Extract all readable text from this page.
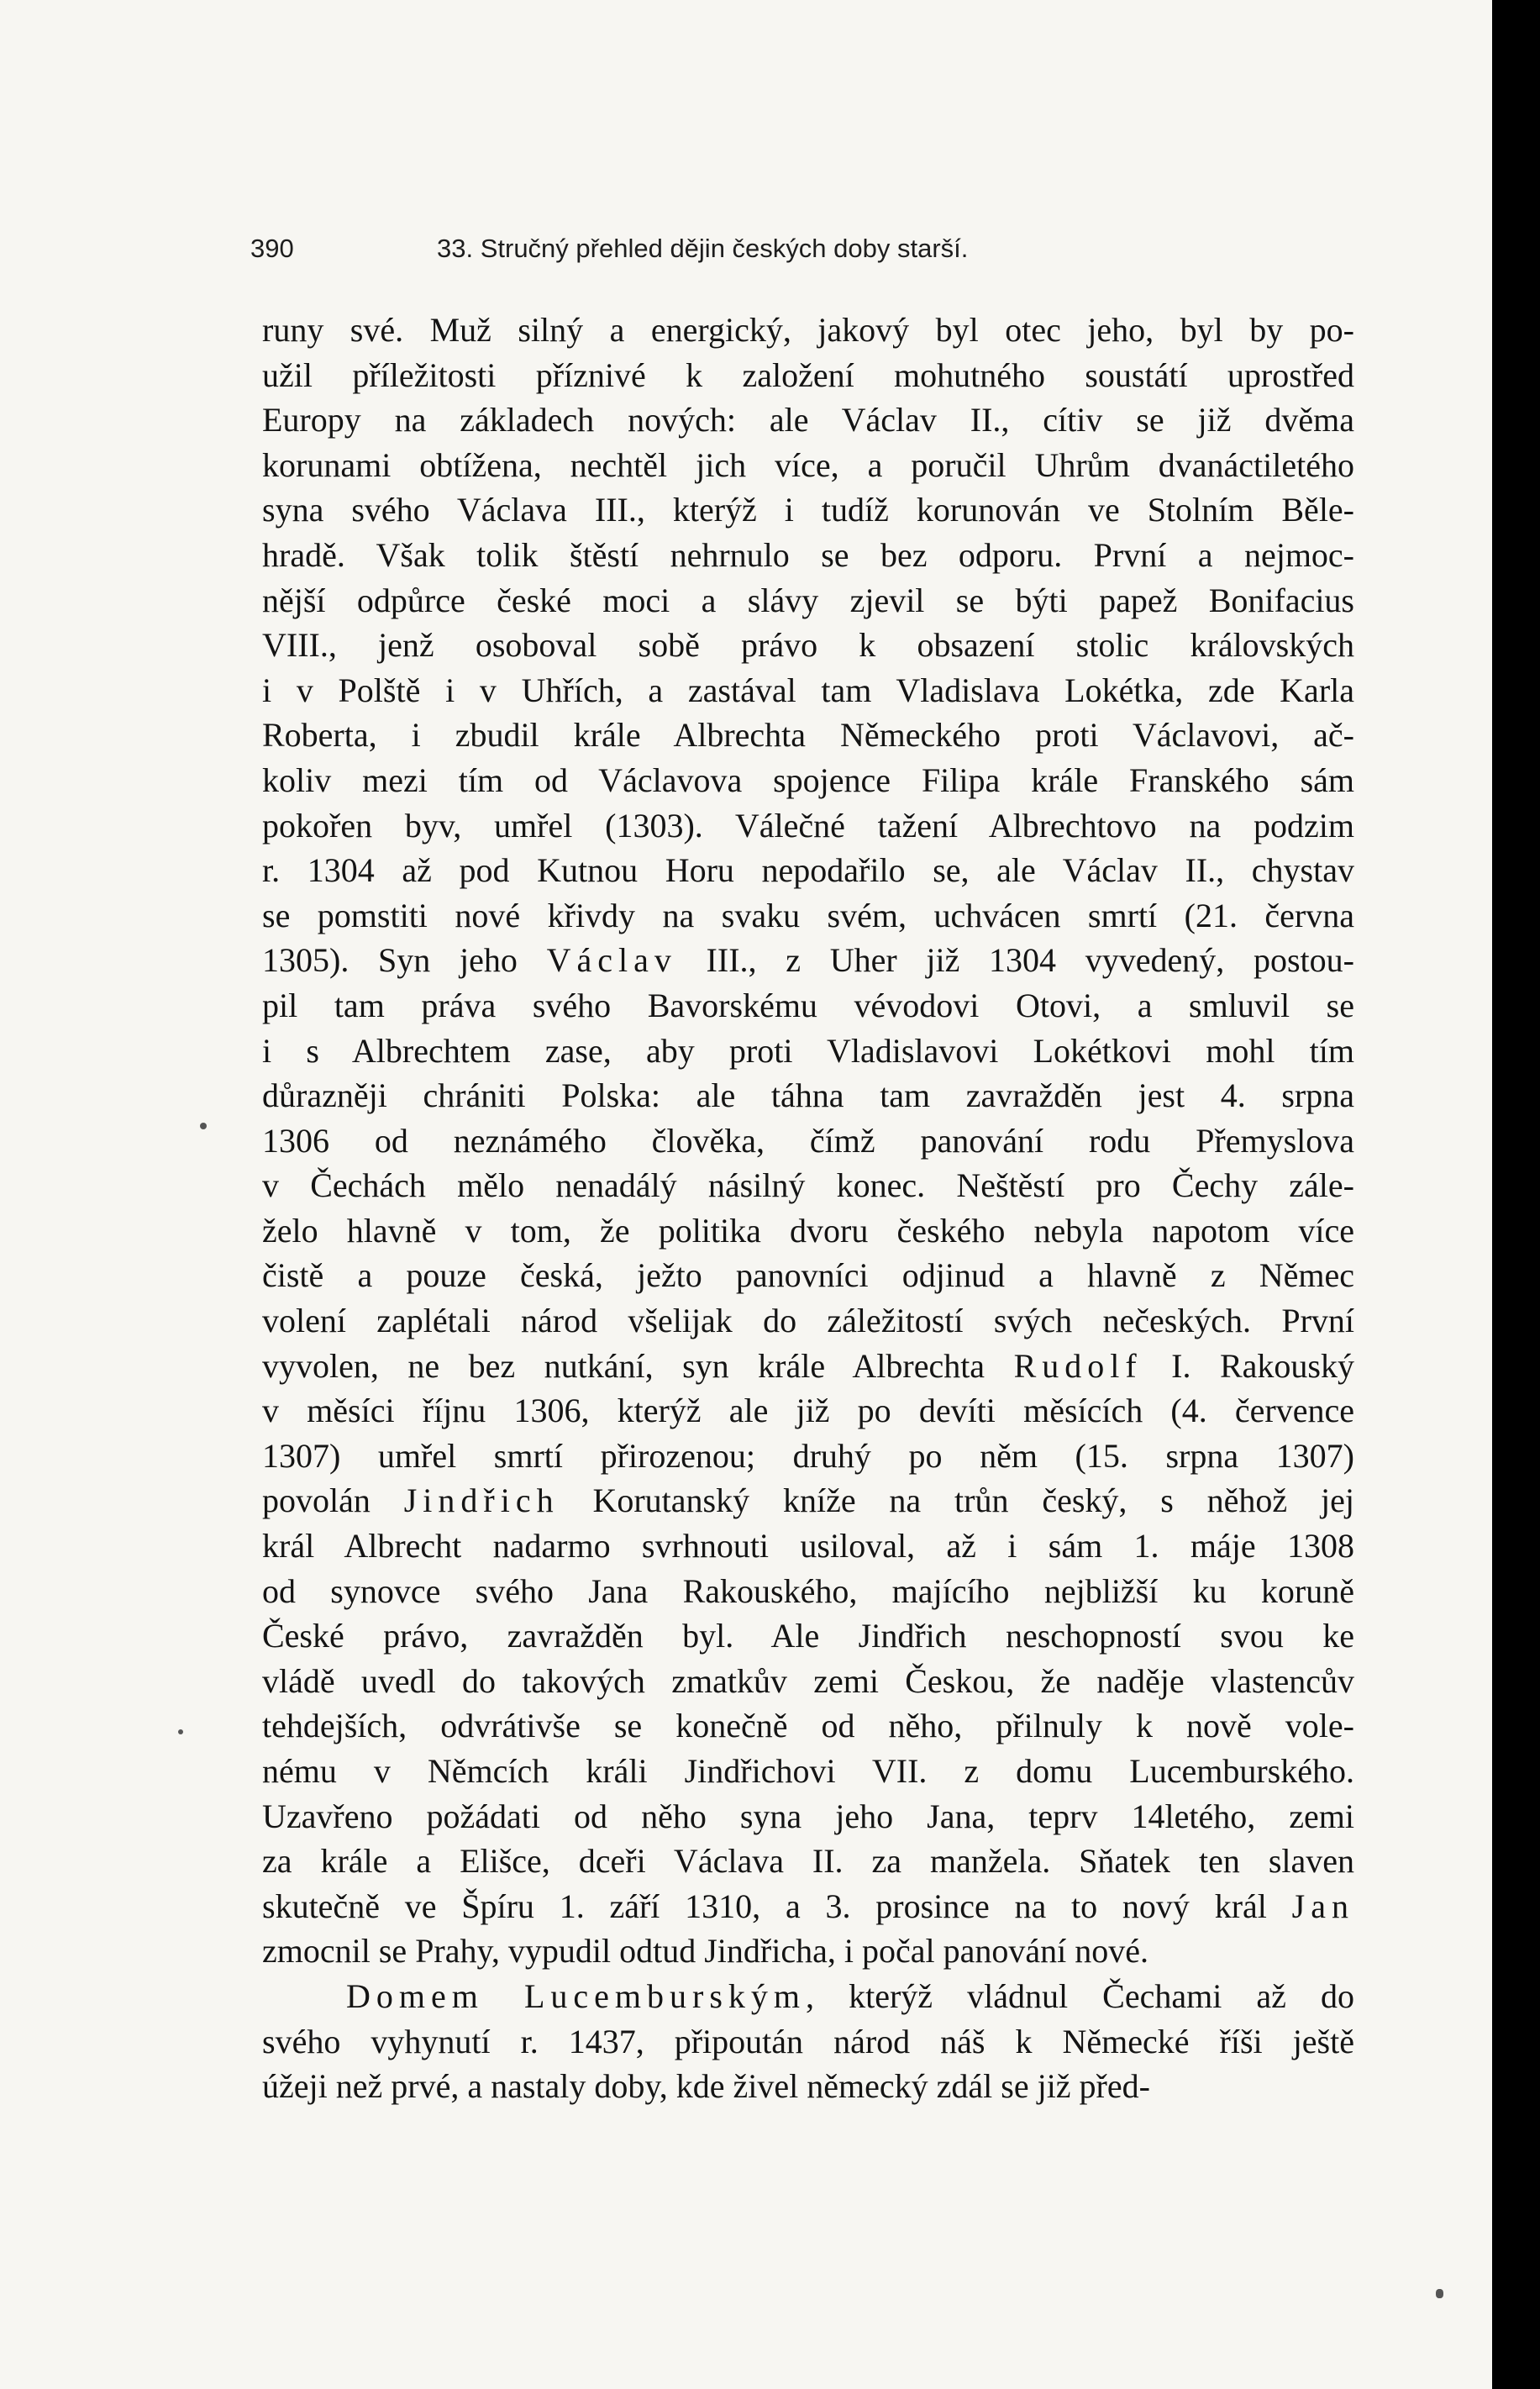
390	33. Stručný přehled dějin českých doby starší.
runy své. Muž silný a energický, jakový byl otec jeho, byl by po-
užil příležitosti příznivé k založení mohutného soustátí uprostřed
Europy na základech nových: ale Václav II., cítiv se již dvěma
korunami obtížena, nechtěl jich více, a poručil Uhrům dvanáctiletého
syna svého Václava III., kterýž i tudíž korunován ve Stolním Běle-
hradě. Však tolik štěstí nehrnulo se bez odporu. První a nejmoc-
nější odpůrce české moci a slávy zjevil se býti papež Bonifacius
VIII., jenž osoboval sobě právo k obsazení stolic královských
i v Polště i v Uhřích, a zastával tam Vladislava Lokétka, zde Karla
Roberta, i zbudil krále Albrechta Německého proti Václavovi, ač-
koliv mezi tím od Václavova spojence Filipa krále Franského sám
pokořen byv, umřel (1303). Válečné tažení Albrechtovo na podzim
r. 1304 až pod Kutnou Horu nepodařilo se, ale Václav II., chystav
se pomstiti nové křivdy na svaku svém, uchvácen smrtí (21. června
1305). Syn jeho Václav III., z Uher již 1304 vyvedený, postou-
pil tam práva svého Bavorskému vévodovi Otovi, a smluvil se
i s Albrechtem zase, aby proti Vladislavovi Lokétkovi mohl tím
důrazněji chrániti Polska: ale táhna tam zavražděn jest 4. srpna
1306 od neznámého člověka, čímž panování rodu Přemyslova
v Čechách mělo nenadálý násilný konec. Neštěstí pro Čechy zále-
želo hlavně v tom, že politika dvoru českého nebyla napotom více
čistě a pouze česká, ježto panovníci odjinud a hlavně z Němec
volení zaplétali národ všelijak do záležitostí svých nečeských. První
vyvolen, ne bez nutkání, syn krále Albrechta Rudolf I. Rakouský
v měsíci říjnu 1306, kterýž ale již po devíti měsících (4. července
1307) umřel smrtí přirozenou; druhý po něm (15. srpna 1307)
povolán Jindřich Korutanský kníže na trůn český, s něhož jej
král Albrecht nadarmo svrhnouti usiloval, až i sám 1. máje 1308
od synovce svého Jana Rakouského, majícího nejbližší ku koruně
České právo, zavražděn byl. Ale Jindřich neschopností svou ke
vládě uvedl do takových zmatkův zemi Českou, že naděje vlastencův
tehdejších, odvrátivše se konečně od něho, přilnuly k nově vole-
nému v Němcích králi Jindřichovi VII. z domu Lucemburského.
Uzavřeno požádati od něho syna jeho Jana, teprv 14letého, zemi
za krále a Elišce, dceři Václava II. za manžela. Sňatek ten slaven
skutečně ve Špíru 1. září 1310, a 3. prosince na to nový král Jan
zmocnil se Prahy, vypudil odtud Jindřicha, i počal panování nové.
Domem Lucemburským, kterýž vládnul Čechami až do
svého vyhynutí r. 1437, připoután národ náš k Německé říši ještě
úžeji než prvé, a nastaly doby, kde živel německý zdál se již před-
